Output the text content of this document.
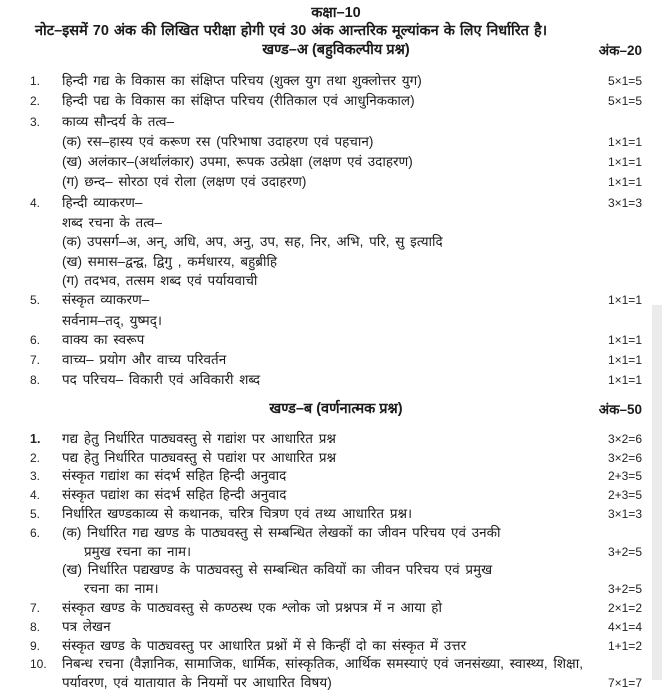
कक्षा–10
नोट–इसमें 70 अंक की लिखित परीक्षा होगी एवं 30 अंक आन्तरिक मूल्यांकन के लिए निर्धारित है।
खण्ड–अ (बहुविकल्पीय प्रश्न)	अंक–20
1.	हिन्दी गद्य के विकास का संक्षिप्त परिचय (शुक्ल युग तथा शुक्लोत्तर युग)	5×1=5
2.	हिन्दी पद्य के विकास का संक्षिप्त परिचय (रीतिकाल एवं आधुनिककाल)	5×1=5
3.	काव्य सौन्दर्य के तत्व–
(क) रस–हास्य एवं करूण रस (परिभाषा उदाहरण एवं पहचान)	1×1=1
(ख) अलंकार–(अर्थालंकार) उपमा, रूपक उत्प्रेक्षा (लक्षण एवं उदाहरण)	1×1=1
(ग) छन्द– सोरठा एवं रोला (लक्षण एवं उदाहरण)	1×1=1
4.	हिन्दी व्याकरण–	3×1=3
शब्द रचना के तत्व–
(क) उपसर्ग–अ, अन्, अधि, अप, अनु, उप, सह, निर, अभि, परि, सु इत्यादि
(ख) समास–द्वन्द्व, द्विगु , कर्मधारय, बहुब्रीहि
(ग) तदभव, तत्सम शब्द एवं पर्यायवाची
5.	संस्कृत व्याकरण–	1×1=1
सर्वनाम–तद्, युष्मद्।
6.	वाक्य का स्वरूप	1×1=1
7.	वाच्य– प्रयोग और वाच्य परिवर्तन	1×1=1
8.	पद परिचय– विकारी एवं अविकारी शब्द	1×1=1
खण्ड–ब (वर्णनात्मक प्रश्न)	अंक–50
1.	गद्य हेतु निर्धारित पाठ्यवस्तु से गद्यांश पर आधारित प्रश्न	3×2=6
2.	पद्य हेतु निर्धारित पाठ्यवस्तु से पद्यांश पर आधारित प्रश्न	3×2=6
3.	संस्कृत गद्यांश का संदर्भ सहित हिन्दी अनुवाद	2+3=5
4.	संस्कृत पद्यांश का संदर्भ सहित हिन्दी अनुवाद	2+3=5
5.	निर्धारित खण्डकाव्य से कथानक, चरित्र चित्रण एवं तथ्य आधारित प्रश्न।	3×1=3
6.	(क) निर्धारित गद्य खण्ड के पाठ्यवस्तु से सम्बन्धित लेखकों का जीवन परिचय एवं उनकी
प्रमुख रचना का नाम।	3+2=5
(ख) निर्धारित पद्यखण्ड के पाठ्यवस्तु से सम्बन्धित कवियों का जीवन परिचय एवं प्रमुख
रचना का नाम।	3+2=5
7.	संस्कृत खण्ड के पाठ्यवस्तु से कण्ठस्थ एक श्लोक जो प्रश्नपत्र में न आया हो	2×1=2
8.	पत्र लेखन	4×1=4
9.	संस्कृत खण्ड के पाठ्यवस्तु पर आधारित प्रश्नों में से किन्हीं दो का संस्कृत में उत्तर	1+1=2
10.	निबन्ध रचना (वैज्ञानिक, सामाजिक, धार्मिक, सांस्कृतिक, आर्थिक समस्याएं एवं जनसंख्या, स्वास्थ्य, शिक्षा,
पर्यावरण, एवं यातायात के नियमों पर आधारित विषय)	7×1=7
